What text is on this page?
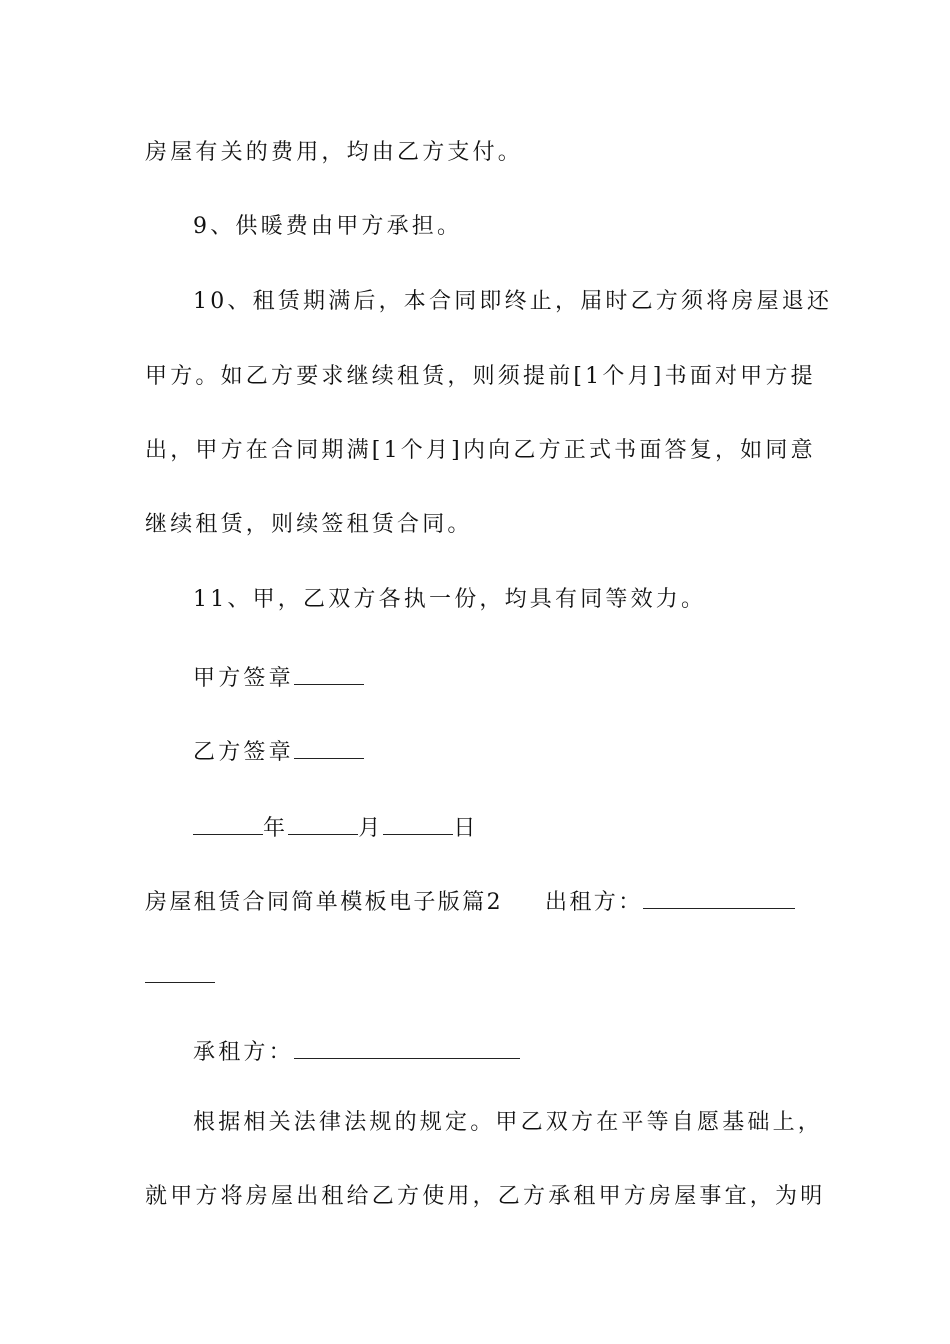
房屋有关的费用，均由乙方支付。
9、供暖费由甲方承担。
10、租赁期满后，本合同即终止，届时乙方须将房屋退还
甲方。如乙方要求继续租赁，则须提前[1个月]书面对甲方提
出，甲方在合同期满[1个月]内向乙方正式书面答复，如同意
继续租赁，则续签租赁合同。
11、甲，乙双方各执一份，均具有同等效力。
甲方签章
乙方签章
年	月	日
房屋租赁合同简单模板电子版篇2 出租方：
承租方：
根据相关法律法规的规定。甲乙双方在平等自愿基础上，
就甲方将房屋出租给乙方使用，乙方承租甲方房屋事宜，为明
